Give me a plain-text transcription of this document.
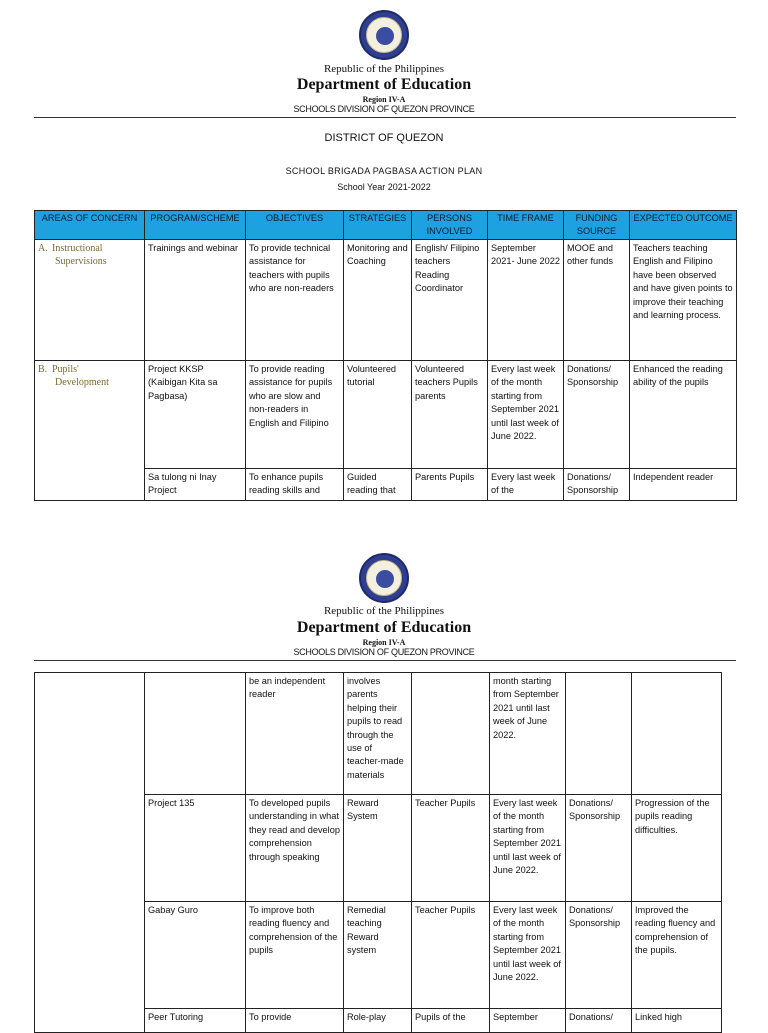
Republic of the Philippines
Department of Education
Region IV-A
SCHOOLS DIVISION OF QUEZON PROVINCE
DISTRICT OF QUEZON
SCHOOL BRIGADA PAGBASA ACTION PLAN
School Year 2021-2022
AREAS OF CONCERN	PROGRAM/SCHEME	OBJECTIVES	STRATEGIES	PERSONS INVOLVED	TIME FRAME	FUNDING SOURCE	EXPECTED OUTCOME
A. Instructional
Supervisions	Trainings and webinar	To provide technical assistance for teachers with pupils who are non-readers	Monitoring and Coaching	English/ Filipino teachers Reading Coordinator	September 2021- June 2022	MOOE and other funds	Teachers teaching English and Filipino have been observed and have given points to improve their teaching and learning process.
B. Pupils'
Development	Project KKSP (Kaibigan Kita sa Pagbasa)	To provide reading assistance for pupils who are slow and non-readers in English and Filipino	Volunteered tutorial	Volunteered teachers Pupils parents	Every last week of the month starting from September 2021 until last week of June 2022.	Donations/ Sponsorship	Enhanced the reading ability of the pupils
	Sa tulong ni Inay Project	To enhance pupils reading skills and	Guided reading that	Parents Pupils	Every last week of the	Donations/ Sponsorship	Independent reader
Republic of the Philippines
Department of Education
Region IV-A
SCHOOLS DIVISION OF QUEZON PROVINCE
		be an independent reader	involves parents helping their pupils to read through the use of teacher-made materials		month starting from September 2021 until last week of June 2022.		
	Project 135	To developed pupils understanding in what they read and develop comprehension through speaking	Reward System	Teacher Pupils	Every last week of the month starting from September 2021 until last week of June 2022.	Donations/ Sponsorship	Progression of the pupils reading difficulties.
	Gabay Guro	To improve both reading fluency and comprehension of the pupils	Remedial teaching Reward system	Teacher Pupils	Every last week of the month starting from September 2021 until last week of June 2022.	Donations/ Sponsorship	Improved the reading fluency and comprehension of the pupils.
	Peer Tutoring	To provide	Role-play	Pupils of the	September	Donations/	Linked high
